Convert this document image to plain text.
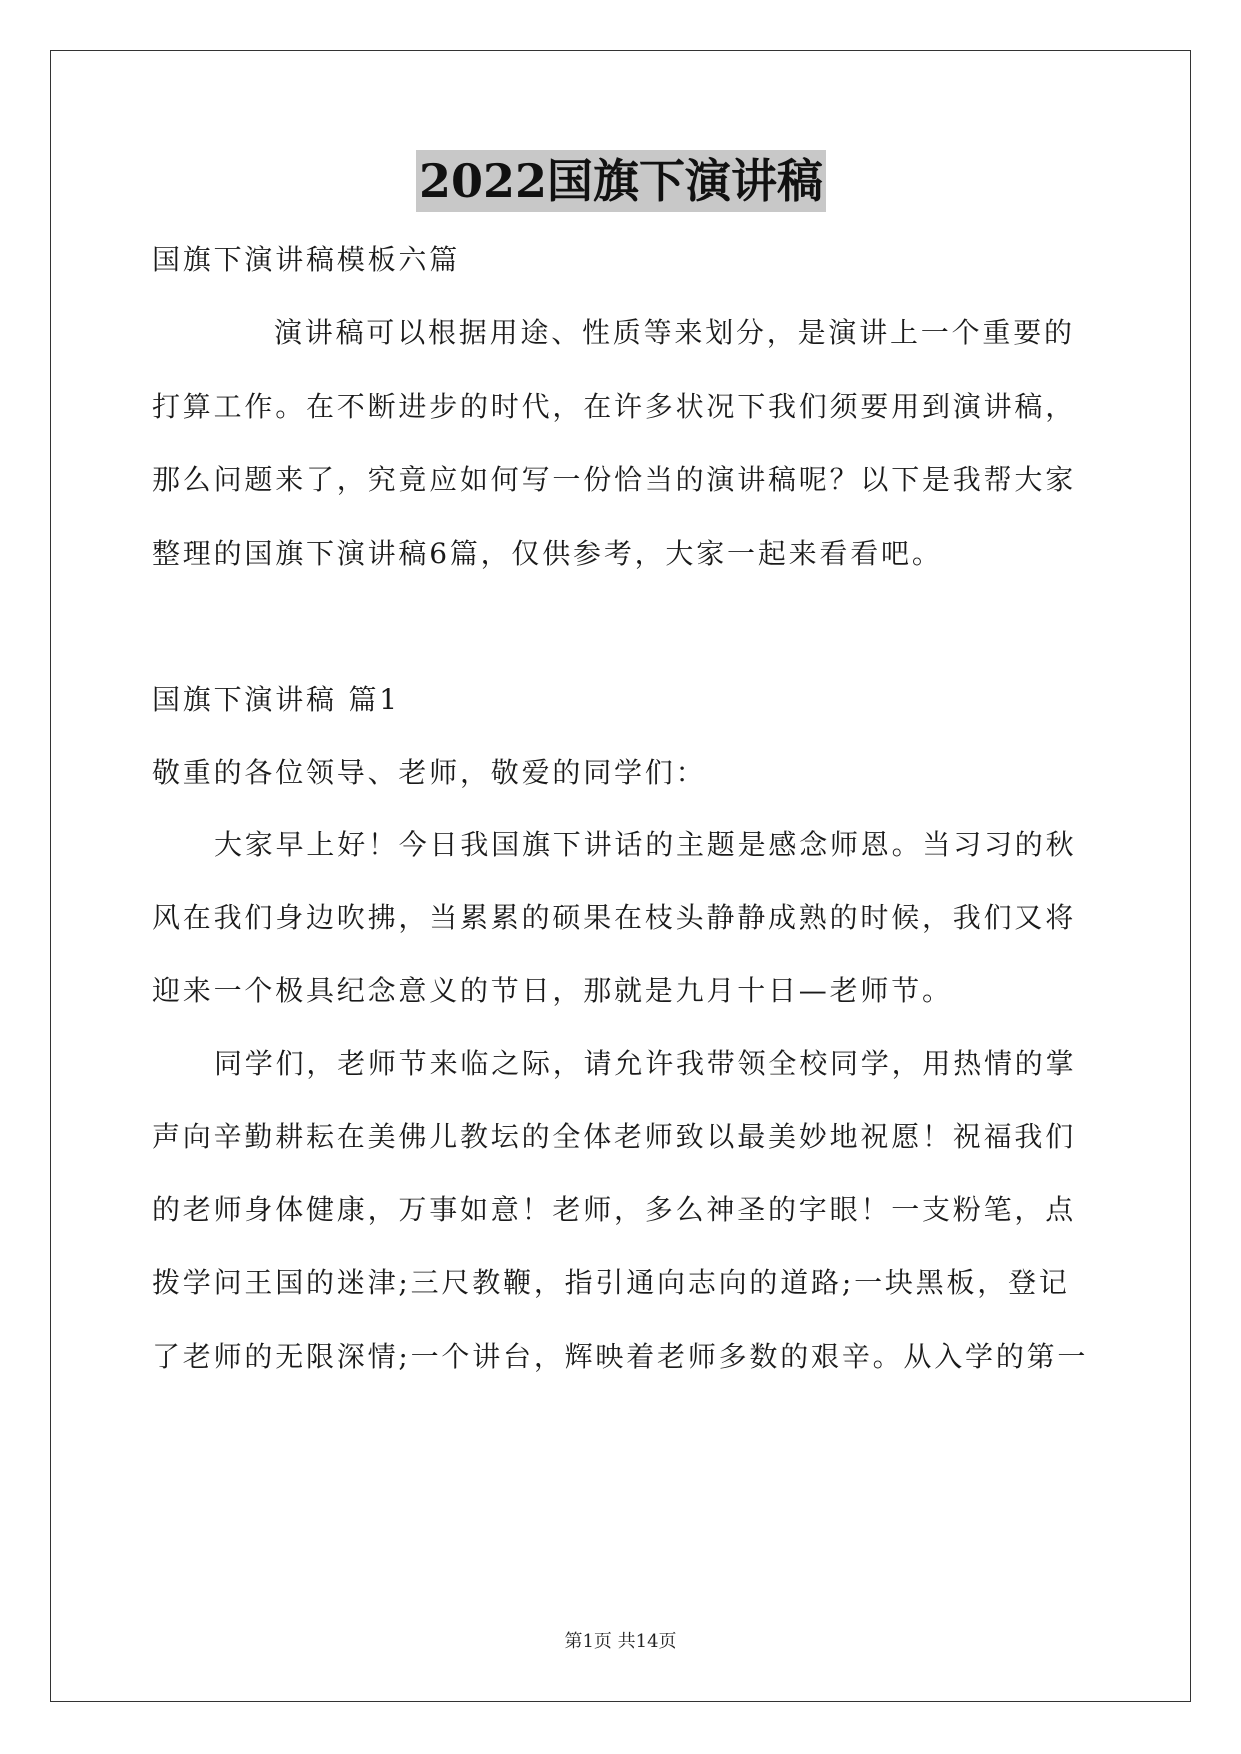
2022国旗下演讲稿
国旗下演讲稿模板六篇
演讲稿可以根据用途、性质等来划分，是演讲上一个重要的
打算工作。在不断进步的时代，在许多状况下我们须要用到演讲稿，
那么问题来了，究竟应如何写一份恰当的演讲稿呢？以下是我帮大家
整理的国旗下演讲稿6篇，仅供参考，大家一起来看看吧。
国旗下演讲稿 篇1
敬重的各位领导、老师，敬爱的同学们：
大家早上好！今日我国旗下讲话的主题是感念师恩。当习习的秋
风在我们身边吹拂，当累累的硕果在枝头静静成熟的时候，我们又将
迎来一个极具纪念意义的节日，那就是九月十日—老师节。
同学们，老师节来临之际，请允许我带领全校同学，用热情的掌
声向辛勤耕耘在美佛儿教坛的全体老师致以最美妙地祝愿！祝福我们
的老师身体健康，万事如意！老师，多么神圣的字眼！一支粉笔，点
拨学问王国的迷津;三尺教鞭，指引通向志向的道路;一块黑板，登记
了老师的无限深情;一个讲台，辉映着老师多数的艰辛。从入学的第一
第1页 共14页
